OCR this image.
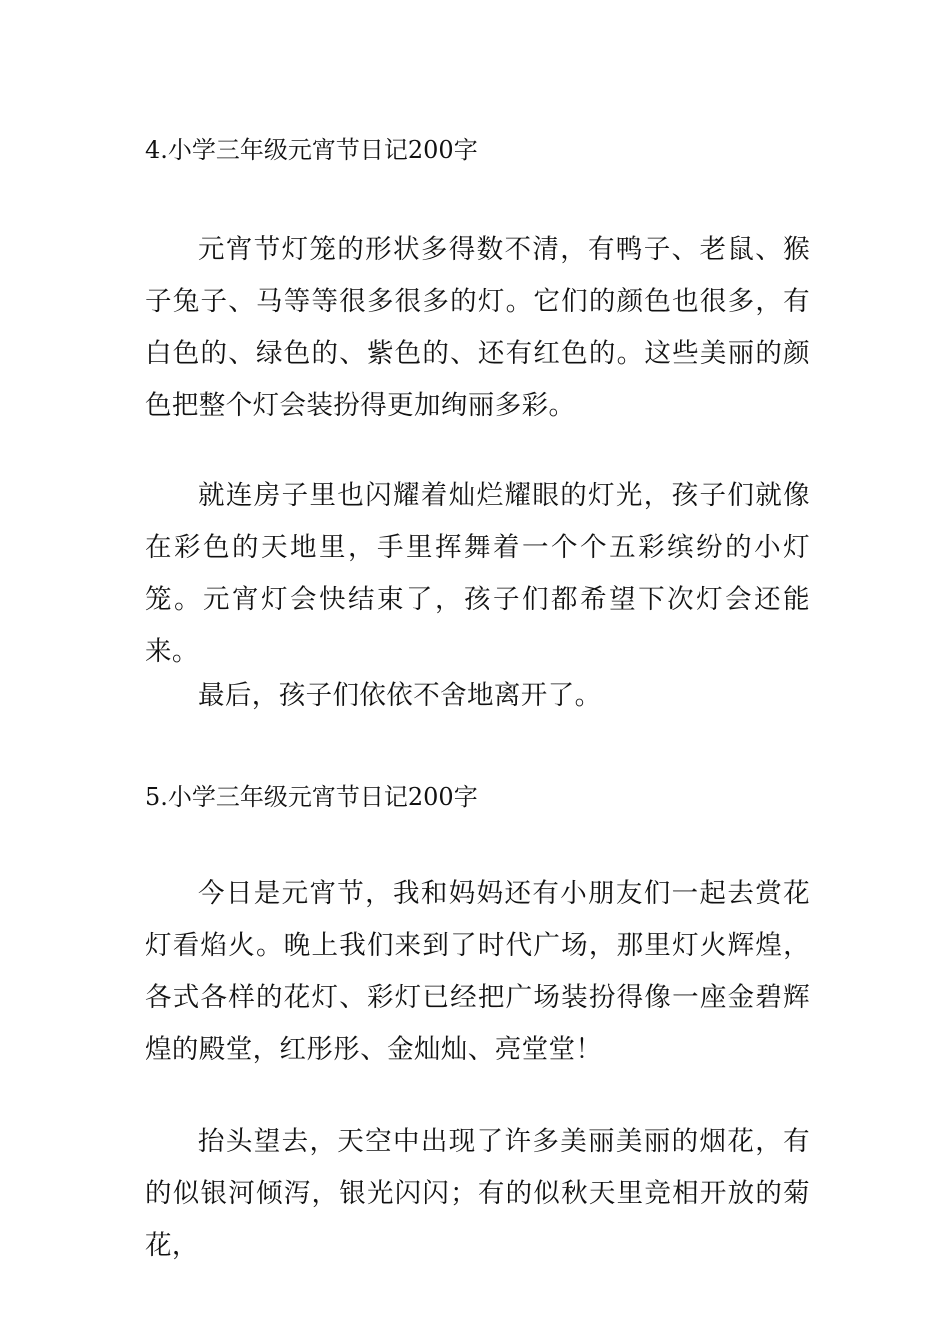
4.小学三年级元宵节日记200字

元宵节灯笼的形状多得数不清，有鸭子、老鼠、猴子兔子、马等等很多很多的灯。它们的颜色也很多，有白色的、绿色的、紫色的、还有红色的。这些美丽的颜色把整个灯会装扮得更加绚丽多彩。

就连房子里也闪耀着灿烂耀眼的灯光，孩子们就像在彩色的天地里，手里挥舞着一个个五彩缤纷的小灯笼。元宵灯会快结束了，孩子们都希望下次灯会还能来。

最后，孩子们依依不舍地离开了。

5.小学三年级元宵节日记200字

今日是元宵节，我和妈妈还有小朋友们一起去赏花灯看焰火。晚上我们来到了时代广场，那里灯火辉煌，各式各样的花灯、彩灯已经把广场装扮得像一座金碧辉煌的殿堂，红彤彤、金灿灿、亮堂堂！

抬头望去，天空中出现了许多美丽美丽的烟花，有的似银河倾泻，银光闪闪；有的似秋天里竞相开放的菊花，
